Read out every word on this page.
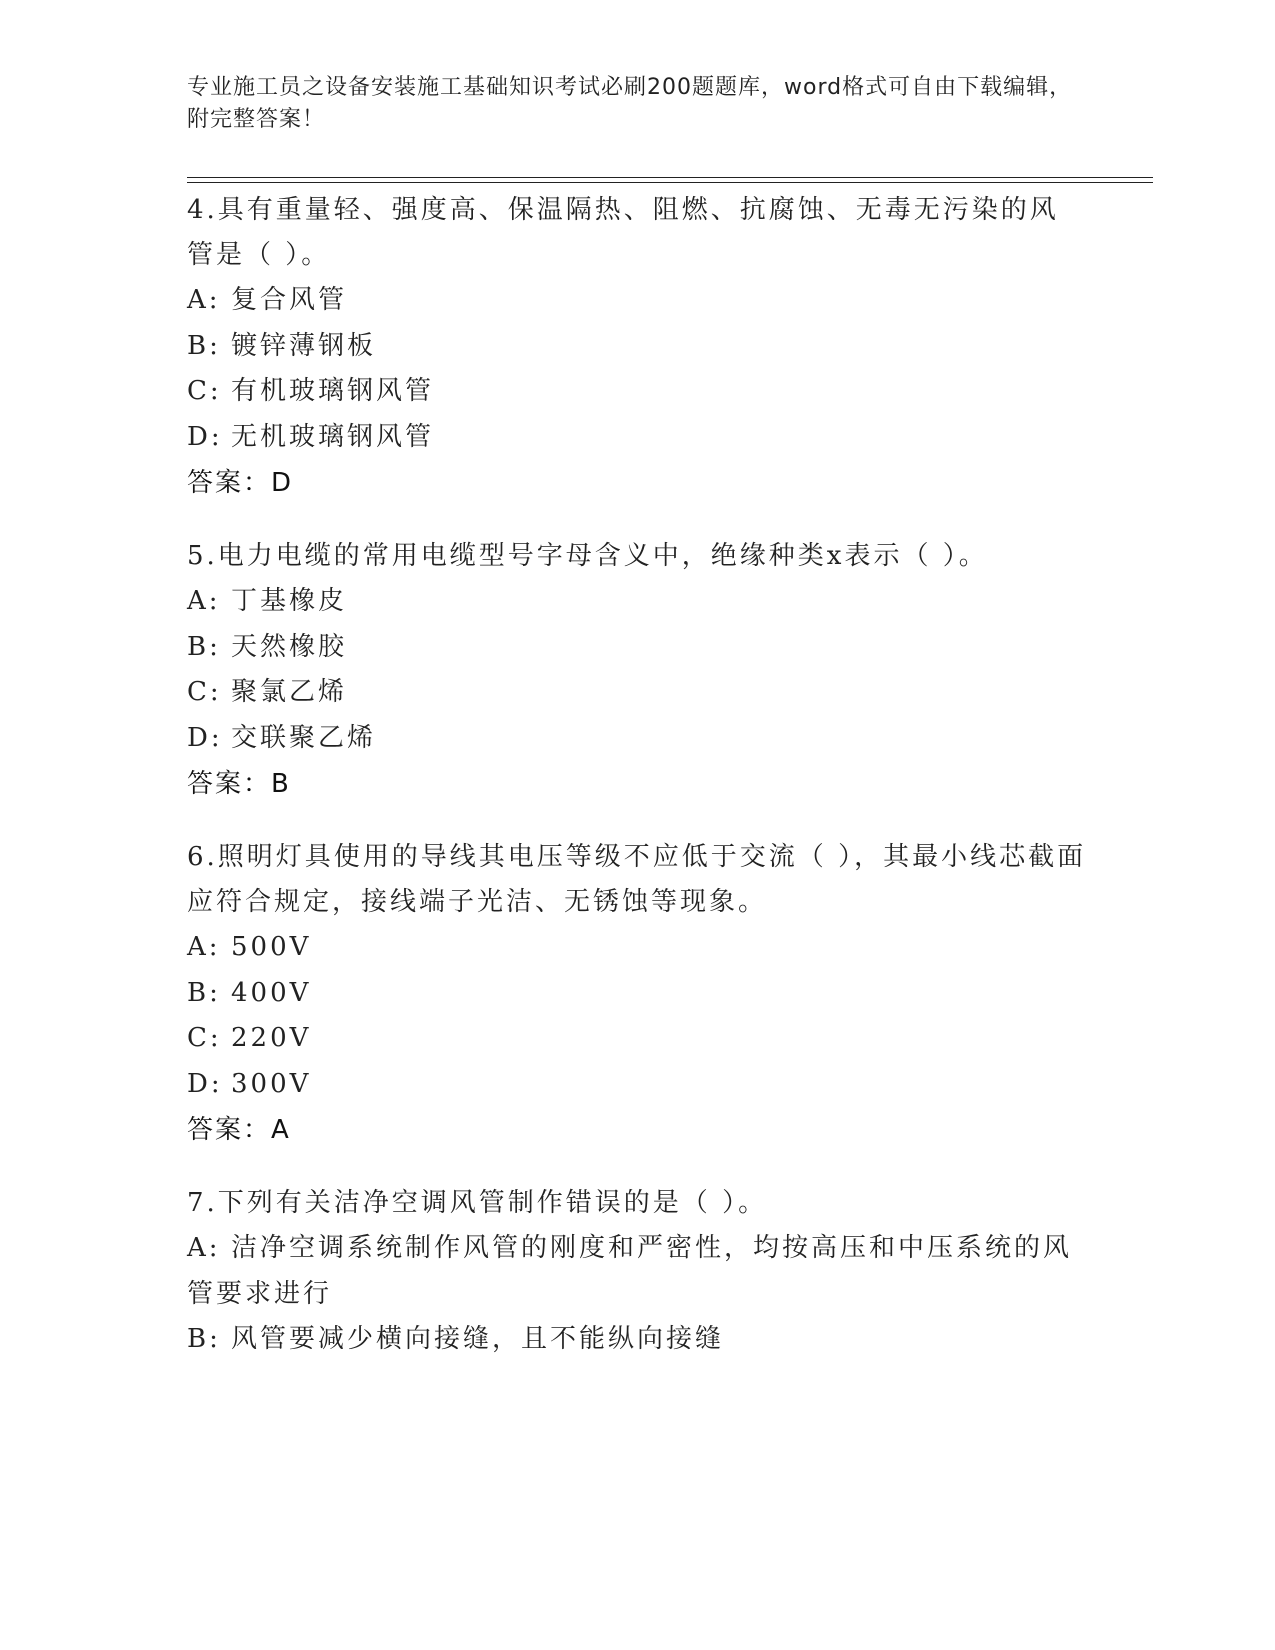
专业施工员之设备安装施工基础知识考试必刷200题题库，word格式可自由下载编辑，附完整答案！
4.具有重量轻、强度高、保温隔热、阻燃、抗腐蚀、无毒无污染的风管是（ ）。
A: 复合风管
B: 镀锌薄钢板
C: 有机玻璃钢风管
D: 无机玻璃钢风管
答案：D
5.电力电缆的常用电缆型号字母含义中，绝缘种类x表示（ ）。
A: 丁基橡皮
B: 天然橡胶
C: 聚氯乙烯
D: 交联聚乙烯
答案：B
6.照明灯具使用的导线其电压等级不应低于交流（ ），其最小线芯截面应符合规定，接线端子光洁、无锈蚀等现象。
A: 500V
B: 400V
C: 220V
D: 300V
答案：A
7.下列有关洁净空调风管制作错误的是（ ）。
A: 洁净空调系统制作风管的刚度和严密性，均按高压和中压系统的风管要求进行
B: 风管要减少横向接缝，且不能纵向接缝
